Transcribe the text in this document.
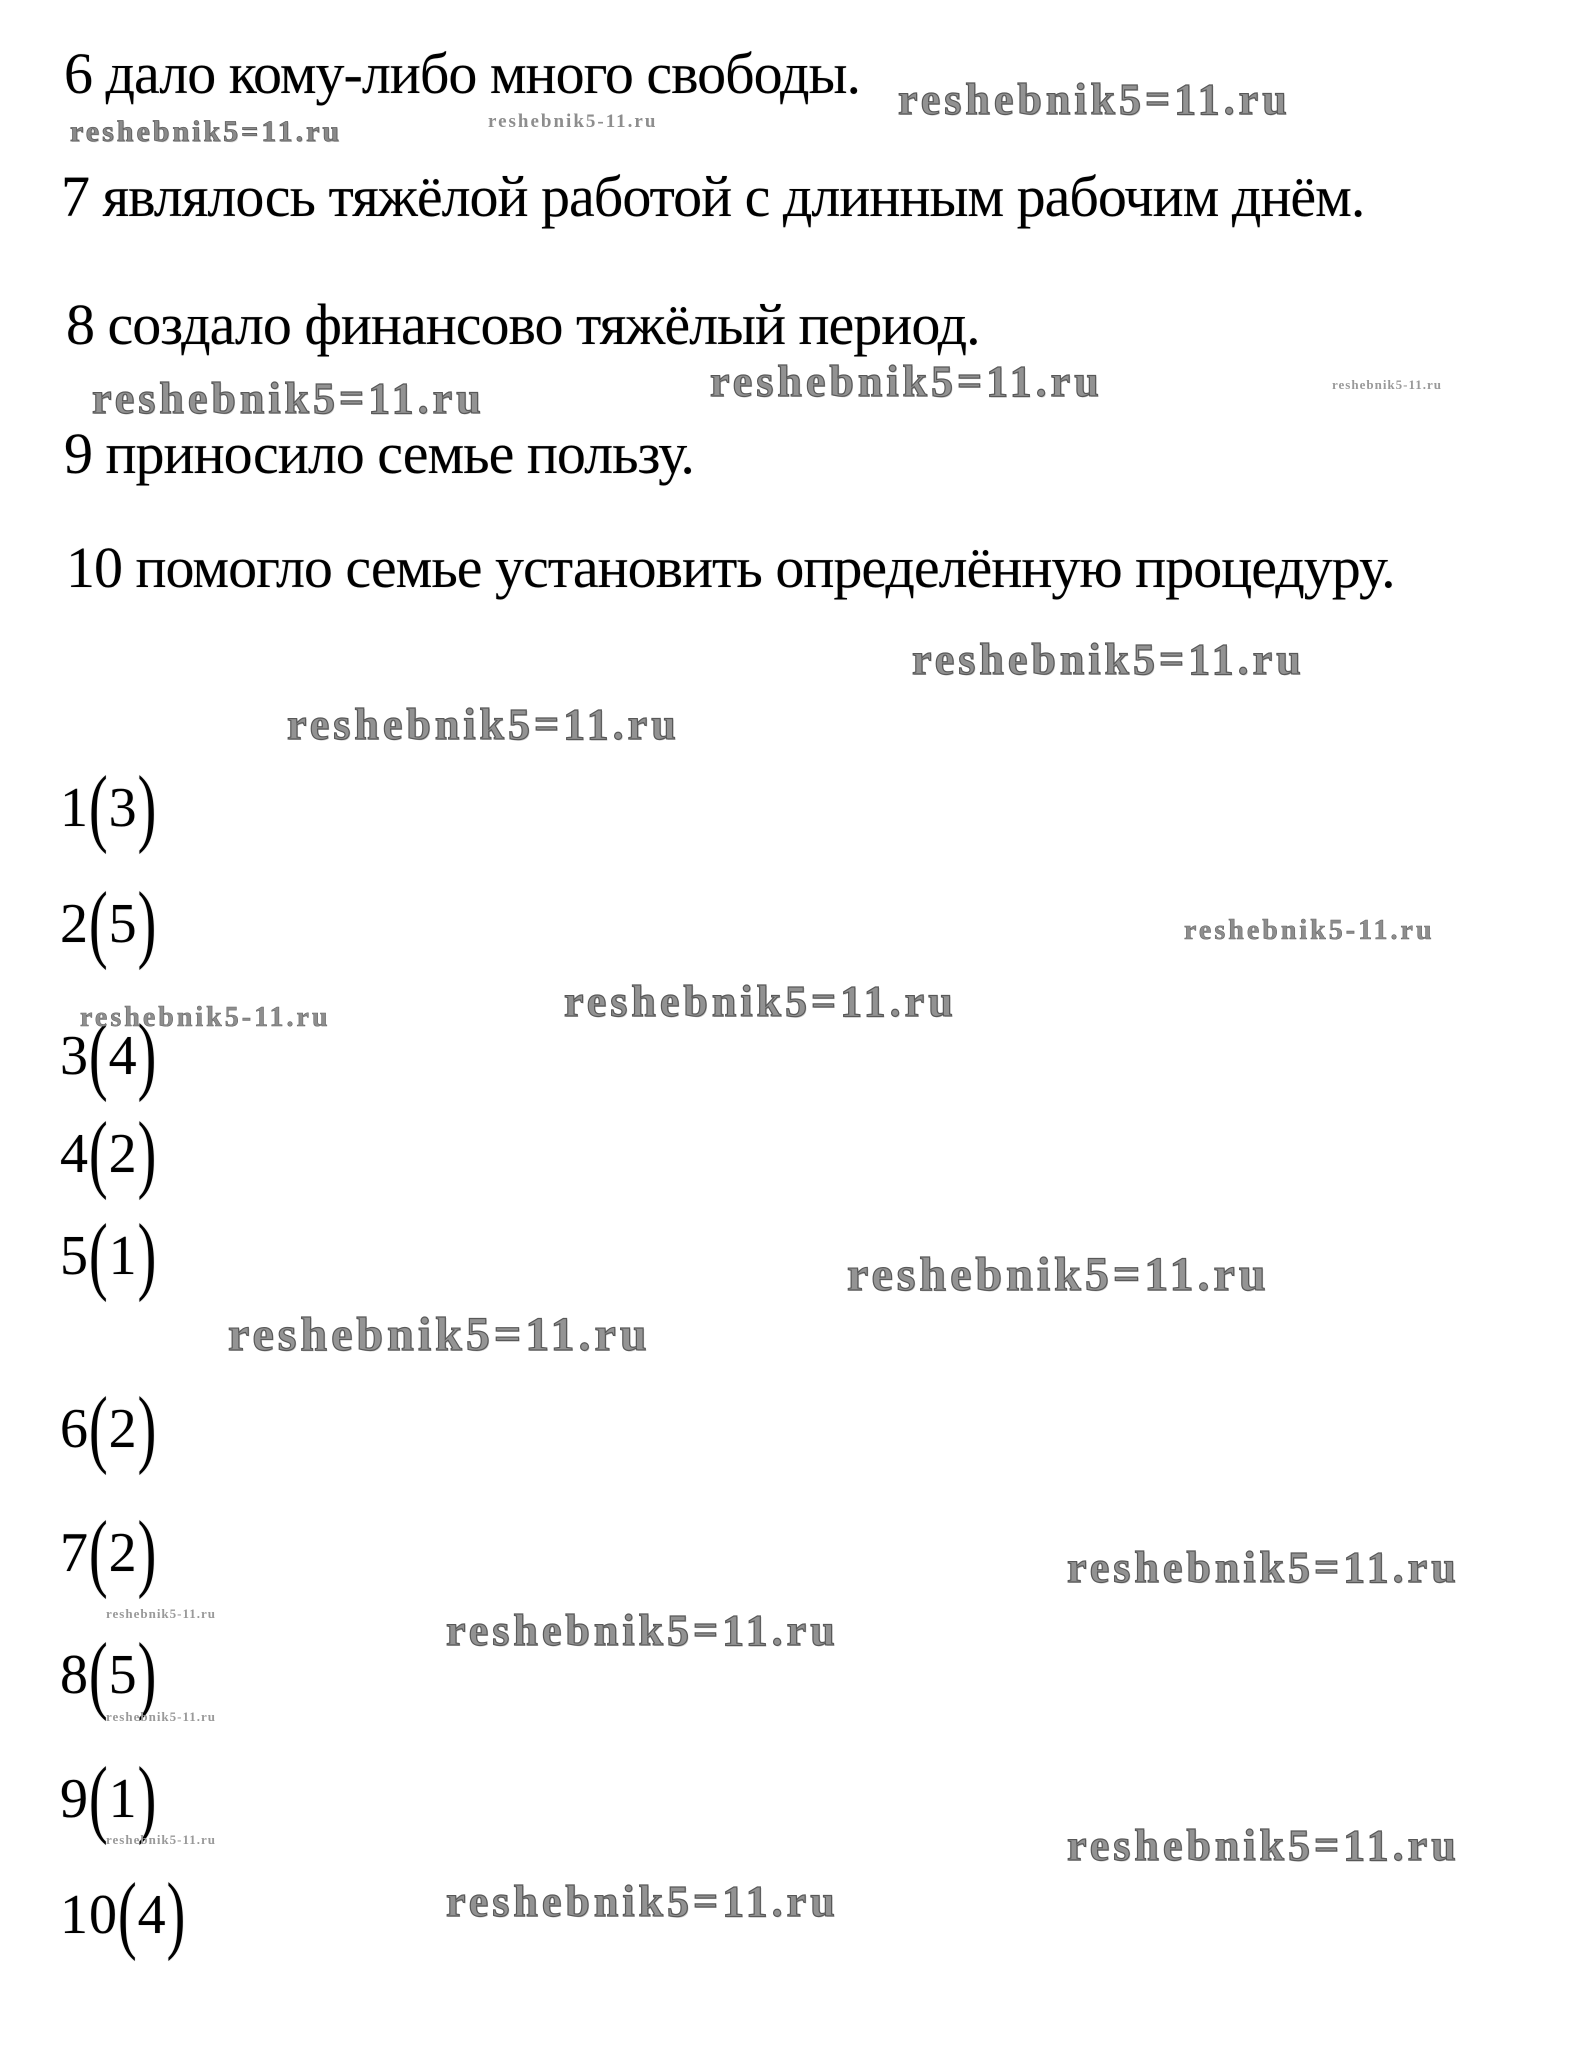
6 дало кому-либо много свободы.
7 являлось тяжёлой работой с длинным рабочим днём.
8 создало финансово тяжёлый период.
9 приносило семье пользу.
10 помогло семье установить определённую процедуру.
1(3)
2(5)
3(4)
4(2)
5(1)
6(2)
7(2)
8(5)
9(1)
10(4)
reshebnik5-11.ru	reshebnik5=11.ru
reshebnik5=11.ru
reshebnik5=11.ru	reshebnik5-11.ru
reshebnik5=11.ru
reshebnik5=11.ru
reshebnik5=11.ru
reshebnik5-11.ru
reshebnik5=11.ru
reshebnik5-11.ru
reshebnik5=11.ru
reshebnik5=11.ru
reshebnik5=11.ru
reshebnik5-11.ru	reshebnik5=11.ru
reshebnik5-11.ru
reshebnik5-11.ru	reshebnik5=11.ru
reshebnik5=11.ru
